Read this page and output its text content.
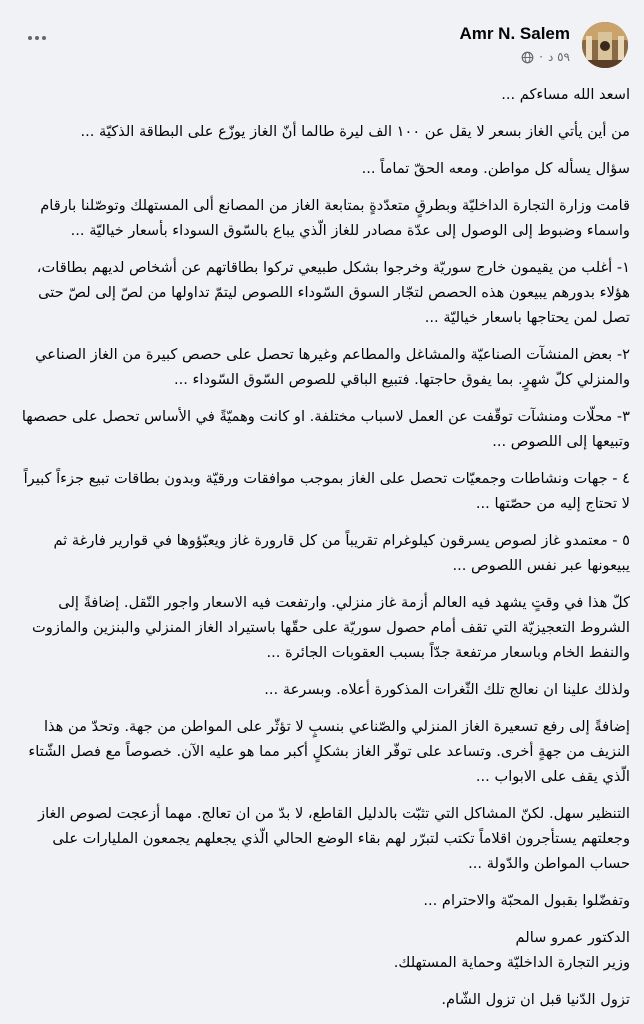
Amr N. Salem
٥٩ د
·

اسعد الله مساءكم ...

من أين يأتي الغاز بسعر لا يقل عن ١٠٠ الف ليرة طالما أنّ الغاز يوزّع على البطاقة الذكيّة ...

سؤال يسأله كل مواطن. ومعه الحقّ تماماً ...

قامت وزارة التجارة الداخليّة وبطرقٍ متعدّدةٍ بمتابعة الغاز من المصانع ألى المستهلك وتوصّلنا بارقام واسماء وضبوط إلى الوصول إلى عدّة مصادر للغاز الّذي يباع بالسّوق السوداء بأسعار خياليّة ...

١- أغلب من يقيمون خارج سوريّة وخرجوا بشكل طبيعي تركوا بطاقاتهم عن أشخاص لديهم بطاقات، هؤلاء بدورهم يبيعون هذه الحصص لتجّار السوق السّوداء اللصوص ليتمّ تداولها من لصّ إلى لصّ حتى تصل لمن يحتاجها باسعار خياليّة ...

٢- بعض المنشآت الصناعيّة والمشاغل والمطاعم وغيرها تحصل على حصص كبيرة من الغاز الصناعي والمنزلي كلّ شهرٍ. بما يفوق حاجتها. فتبيع الباقي للصوص السّوق السّوداء ...

٣- محلّات ومنشآت توقّفت عن العمل لاسباب مختلفة. او كانت وهميّةً في الأساس تحصل على حصصها وتبيعها إلى اللصوص ...

٤ - جهات ونشاطات وجمعيّات تحصل على الغاز بموجب موافقات ورقيّة وبدون بطاقات تبيع جزءاً كبيراً لا تحتاج إليه من حصّتها ...

٥ - معتمدو غاز لصوص يسرقون كيلوغرام تقريباً من كل قارورة غاز ويعبّؤوها في قوارير فارغة ثم يبيعونها عبر نفس اللصوص ...

كلّ هذا في وقتٍ يشهد فيه العالم أزمة غاز منزلي. وارتفعت فيه الاسعار واجور النّقل. إضافةً إلى الشروط التعجيزيّة التي تقف أمام حصول سوريّة على حقّها باستيراد الغاز المنزلي والبنزين والمازوت والنفط الخام وباسعار مرتفعة جدّاً بسبب العقوبات الجائرة ...

ولذلك علينا ان نعالج تلك الثّغرات المذكورة أعلاه. وبسرعة ...

إضافةً إلى رفع تسعيرة الغاز المنزلي والصّناعي بنسبٍ لا تؤثّر على المواطن من جهة. وتحدّ من هذا النزيف من جهةٍ أخرى. وتساعد على توفّر الغاز بشكلٍ أكبر مما هو عليه الآن. خصوصاً مع فصل الشّتاء الّذي يقف على الابواب ...

التنظير سهل. لكنّ المشاكل التي تثبّت بالدليل القاطع، لا بدّ من ان تعالج. مهما أزعجت لصوص الغاز وجعلتهم يستأجرون اقلاماً تكتب لتبرّر لهم بقاء الوضع الحالي الّذي يجعلهم يجمعون المليارات على حساب المواطن والدّولة ...

وتفضّلوا بقبول المحبّة والاحترام ...

الدكتور عمرو سالم

وزير التجارة الداخليّة وحماية المستهلك.

تزول الدّنيا قبل ان تزول الشّام.
